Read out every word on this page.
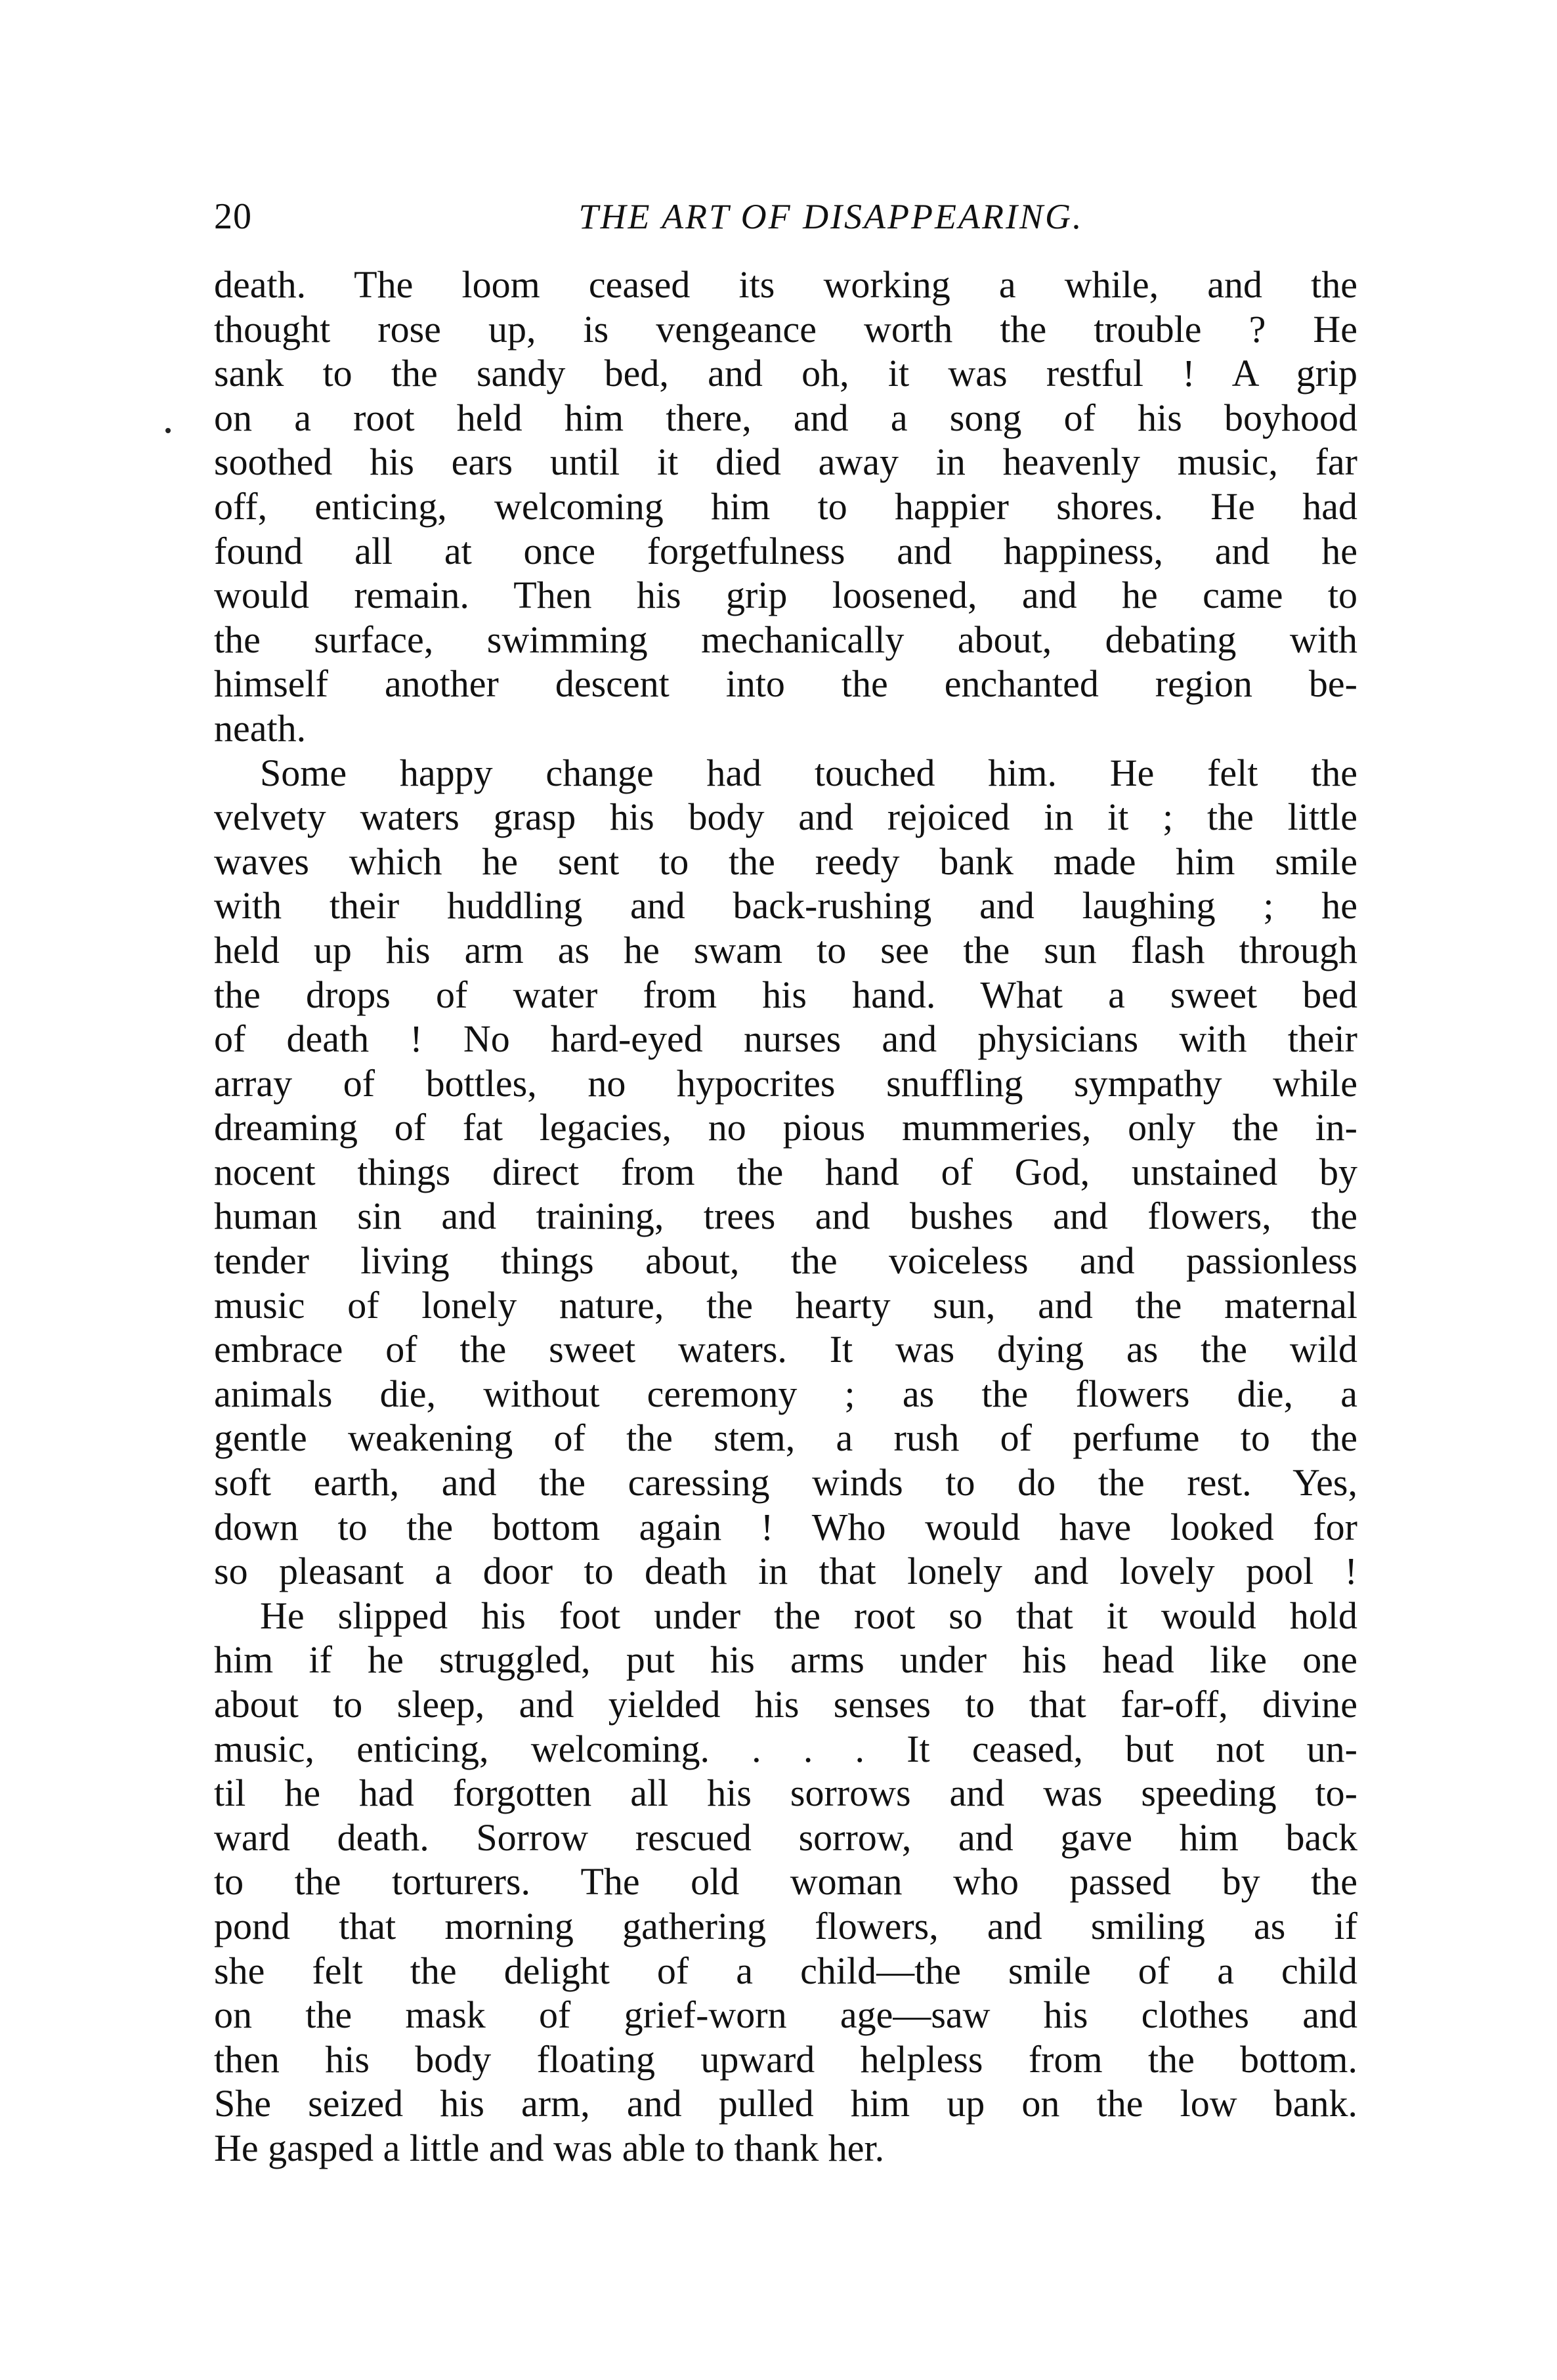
20	THE ART OF DISAPPEARING.
death. The loom ceased its working a while, and the
thought rose up, is vengeance worth the trouble ? He
sank to the sandy bed, and oh, it was restful ! A grip
on a root held him there, and a song of his boyhood
soothed his ears until it died away in heavenly music, far
off, enticing, welcoming him to happier shores. He had
found all at once forgetfulness and happiness, and he
would remain. Then his grip loosened, and he came to
the surface, swimming mechanically about, debating with
himself another descent into the enchanted region be-
neath.
Some happy change had touched him. He felt the
velvety waters grasp his body and rejoiced in it ; the little
waves which he sent to the reedy bank made him smile
with their huddling and back-rushing and laughing ; he
held up his arm as he swam to see the sun flash through
the drops of water from his hand. What a sweet bed
of death ! No hard-eyed nurses and physicians with their
array of bottles, no hypocrites snuffling sympathy while
dreaming of fat legacies, no pious mummeries, only the in-
nocent things direct from the hand of God, unstained by
human sin and training, trees and bushes and flowers, the
tender living things about, the voiceless and passionless
music of lonely nature, the hearty sun, and the maternal
embrace of the sweet waters. It was dying as the wild
animals die, without ceremony ; as the flowers die, a
gentle weakening of the stem, a rush of perfume to the
soft earth, and the caressing winds to do the rest. Yes,
down to the bottom again ! Who would have looked for
so pleasant a door to death in that lonely and lovely pool !
He slipped his foot under the root so that it would hold
him if he struggled, put his arms under his head like one
about to sleep, and yielded his senses to that far-off, divine
music, enticing, welcoming. . . . It ceased, but not un-
til he had forgotten all his sorrows and was speeding to-
ward death. Sorrow rescued sorrow, and gave him back
to the torturers. The old woman who passed by the
pond that morning gathering flowers, and smiling as if
she felt the delight of a child—the smile of a child
on the mask of grief-worn age—saw his clothes and
then his body floating upward helpless from the bottom.
She seized his arm, and pulled him up on the low bank.
He gasped a little and was able to thank her.
